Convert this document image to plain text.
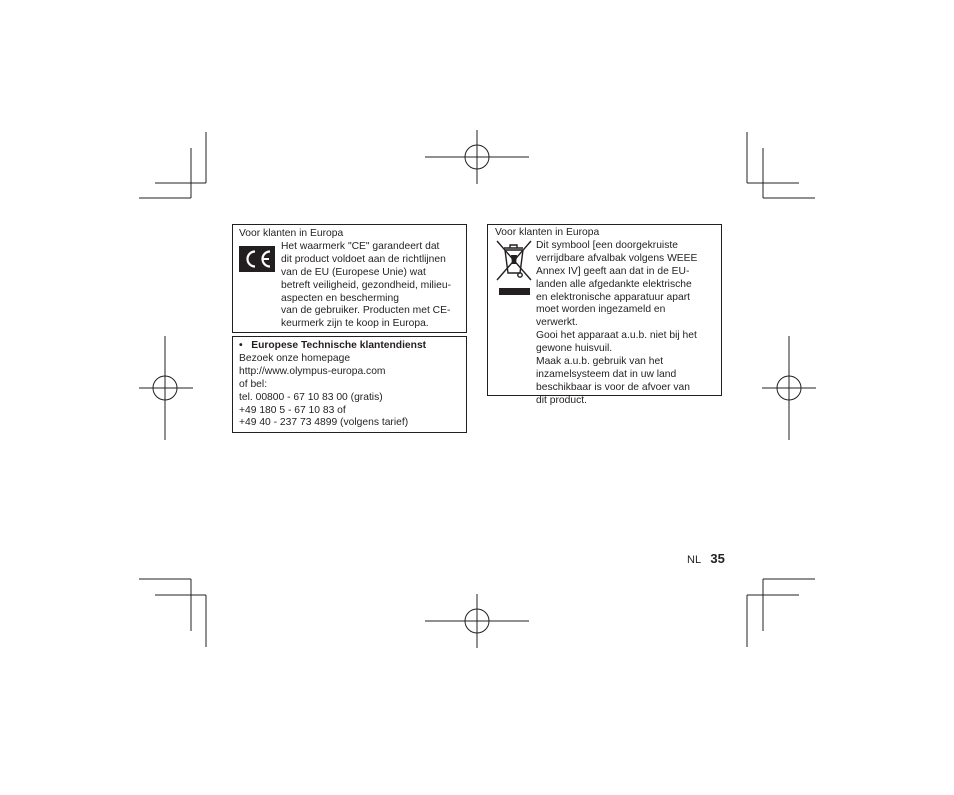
Voor klanten in Europa
Het waarmerk "CE" garandeert dat
dit product voldoet aan de richtlijnen
van de EU (Europese Unie) wat
betreft veiligheid, gezondheid, milieu-
aspecten en bescherming
van de gebruiker. Producten met CE-
keurmerk zijn te koop in Europa.
• Europese Technische klantendienst
Bezoek onze homepage
http://www.olympus-europa.com
of bel:
tel. 00800 - 67 10 83 00 (gratis)
+49 180 5 - 67 10 83 of
+49 40 - 237 73 4899 (volgens tarief)
Voor klanten in Europa
Dit symbool [een doorgekruiste
verrijdbare afvalbak volgens WEEE
Annex IV] geeft aan dat in de EU-
landen alle afgedankte elektrische
en elektronische apparatuur apart
moet worden ingezameld en
verwerkt.
Gooi het apparaat a.u.b. niet bij het
gewone huisvuil.
Maak a.u.b. gebruik van het
inzamelsysteem dat in uw land
beschikbaar is voor de afvoer van
dit product.
NL 35
